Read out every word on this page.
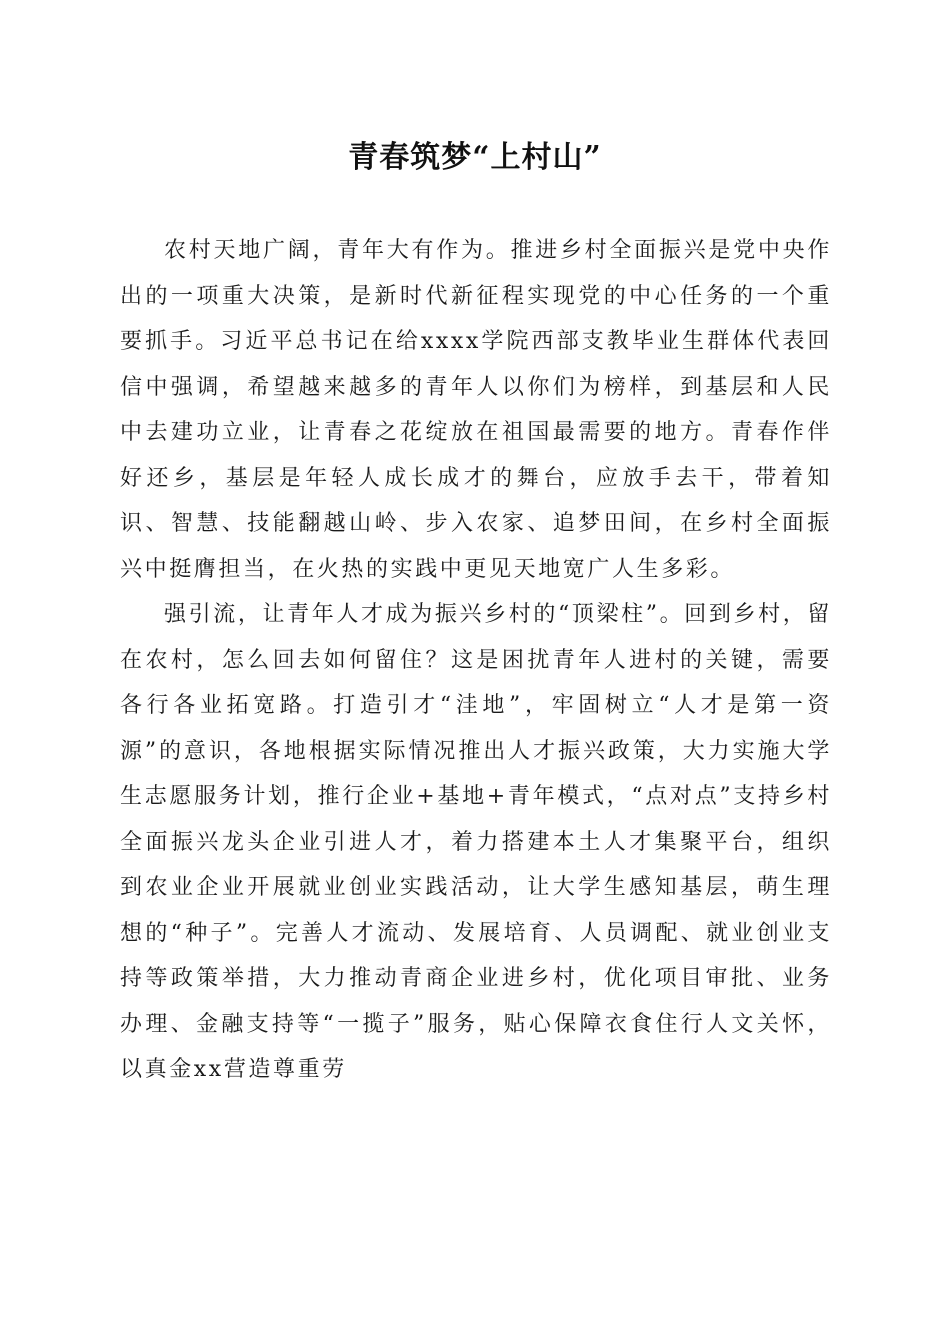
青春筑梦“上村山”

农村天地广阔，青年大有作为。推进乡村全面振兴是党中央作出的一项重大决策，是新时代新征程实现党的中心任务的一个重要抓手。习近平总书记在给xxxx学院西部支教毕业生群体代表回信中强调，希望越来越多的青年人以你们为榜样，到基层和人民中去建功立业，让青春之花绽放在祖国最需要的地方。青春作伴好还乡，基层是年轻人成长成才的舞台，应放手去干，带着知识、智慧、技能翻越山岭、步入农家、追梦田间，在乡村全面振兴中挺膺担当，在火热的实践中更见天地宽广人生多彩。

强引流，让青年人才成为振兴乡村的“顶梁柱”。回到乡村，留在农村，怎么回去如何留住？这是困扰青年人进村的关键，需要各行各业拓宽路。打造引才“洼地”，牢固树立“人才是第一资源”的意识，各地根据实际情况推出人才振兴政策，大力实施大学生志愿服务计划，推行企业+基地+青年模式，“点对点”支持乡村全面振兴龙头企业引进人才，着力搭建本土人才集聚平台，组织到农业企业开展就业创业实践活动，让大学生感知基层，萌生理想的“种子”。完善人才流动、发展培育、人员调配、就业创业支持等政策举措，大力推动青商企业进乡村，优化项目审批、业务办理、金融支持等“一揽子”服务，贴心保障衣食住行人文关怀，以真金xx营造尊重劳
